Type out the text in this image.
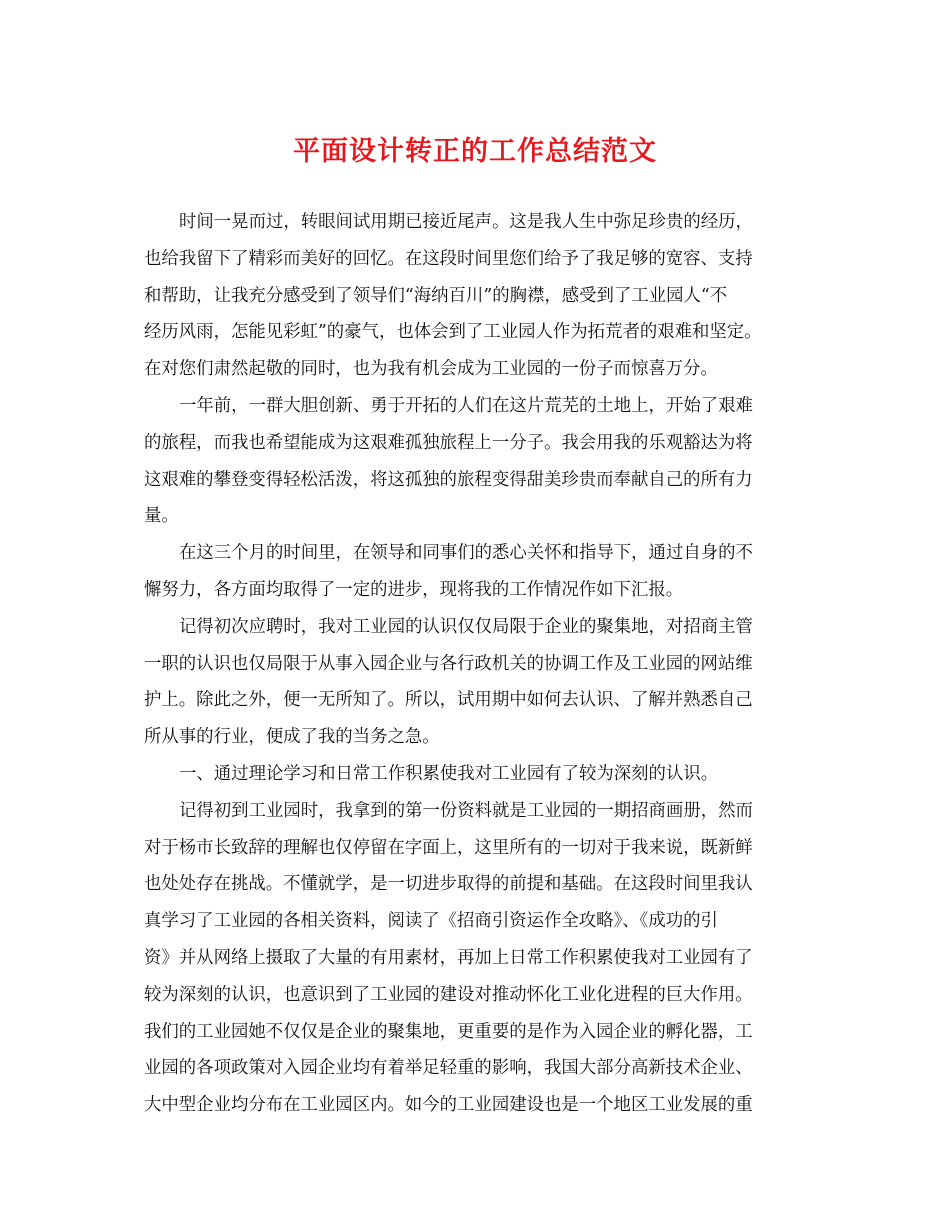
平面设计转正的工作总结范文
时间一晃而过，转眼间试用期已接近尾声。这是我人生中弥足珍贵的经历，
也给我留下了精彩而美好的回忆。在这段时间里您们给予了我足够的宽容、支持
和帮助，让我充分感受到了领导们“海纳百川”的胸襟，感受到了工业园人“不
经历风雨，怎能见彩虹”的豪气，也体会到了工业园人作为拓荒者的艰难和坚定。
在对您们肃然起敬的同时，也为我有机会成为工业园的一份子而惊喜万分。
一年前，一群大胆创新、勇于开拓的人们在这片荒芜的土地上，开始了艰难
的旅程，而我也希望能成为这艰难孤独旅程上一分子。我会用我的乐观豁达为将
这艰难的攀登变得轻松活泼，将这孤独的旅程变得甜美珍贵而奉献自己的所有力
量。
在这三个月的时间里，在领导和同事们的悉心关怀和指导下，通过自身的不
懈努力，各方面均取得了一定的进步，现将我的工作情况作如下汇报。
记得初次应聘时，我对工业园的认识仅仅局限于企业的聚集地，对招商主管
一职的认识也仅局限于从事入园企业与各行政机关的协调工作及工业园的网站维
护上。除此之外，便一无所知了。所以，试用期中如何去认识、了解并熟悉自己
所从事的行业，便成了我的当务之急。
一、通过理论学习和日常工作积累使我对工业园有了较为深刻的认识。
记得初到工业园时，我拿到的第一份资料就是工业园的一期招商画册，然而
对于杨市长致辞的理解也仅停留在字面上，这里所有的一切对于我来说，既新鲜
也处处存在挑战。不懂就学，是一切进步取得的前提和基础。在这段时间里我认
真学习了工业园的各相关资料，阅读了《招商引资运作全攻略》、《成功的引
资》并从网络上摄取了大量的有用素材，再加上日常工作积累使我对工业园有了
较为深刻的认识，也意识到了工业园的建设对推动怀化工业化进程的巨大作用。
我们的工业园她不仅仅是企业的聚集地，更重要的是作为入园企业的孵化器，工
业园的各项政策对入园企业均有着举足轻重的影响，我国大部分高新技术企业、
大中型企业均分布在工业园区内。如今的工业园建设也是一个地区工业发展的重
